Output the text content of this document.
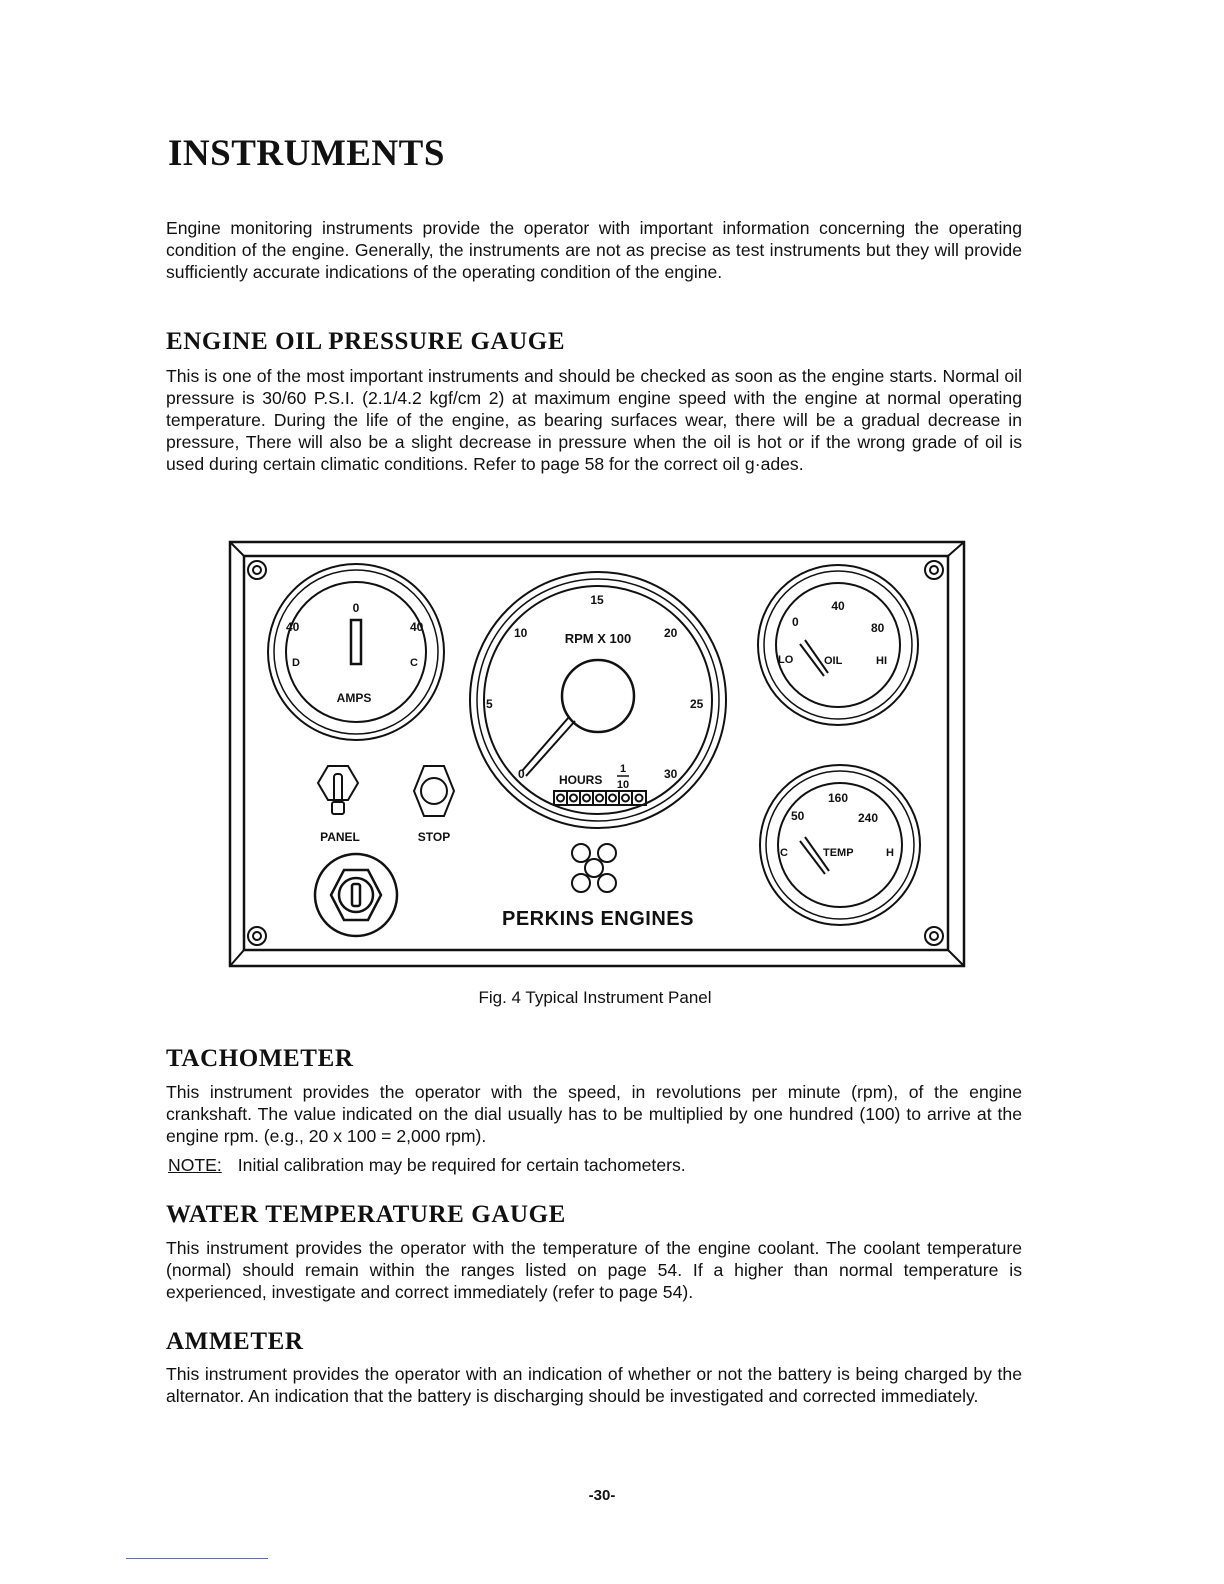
INSTRUMENTS

Engine monitoring instruments provide the operator with important information concerning the operating condition of the engine. Generally, the instruments are not as precise as test instruments but they will provide sufficiently accurate indications of the operating condition of the engine.

ENGINE OIL PRESSURE GAUGE

This is one of the most important instruments and should be checked as soon as the engine starts. Normal oil pressure is 30/60 P.S.I. (2.1/4.2 kgf/cm 2) at maximum engine speed with the engine at normal operating temperature. During the life of the engine, as bearing surfaces wear, there will be a gradual decrease in pressure, There will also be a slight decrease in pressure when the oil is hot or if the wrong grade of oil is used during certain climatic conditions. Refer to page 58 for the correct oil g·ades.

0
40	40
D	C
AMPS
15
10	20
5	25
0	30
RPM X 100
HOURS
1
10
40
0	80
LO	OIL	HI
160
50	240
C	TEMP	H
PANEL	STOP
PERKINS ENGINES

Fig. 4 Typical Instrument Panel

TACHOMETER

This instrument provides the operator with the speed, in revolutions per minute (rpm), of the engine crankshaft. The value indicated on the dial usually has to be multiplied by one hundred (100) to arrive at the engine rpm. (e.g., 20 x 100 = 2,000 rpm).

NOTE: Initial calibration may be required for certain tachometers.

WATER TEMPERATURE GAUGE

This instrument provides the operator with the temperature of the engine coolant. The coolant temperature (normal) should remain within the ranges listed on page 54. If a higher than normal temperature is experienced, investigate and correct immediately (refer to page 54).

AMMETER

This instrument provides the operator with an indication of whether or not the battery is being charged by the alternator. An indication that the battery is discharging should be investigated and corrected immediately.

-30-
